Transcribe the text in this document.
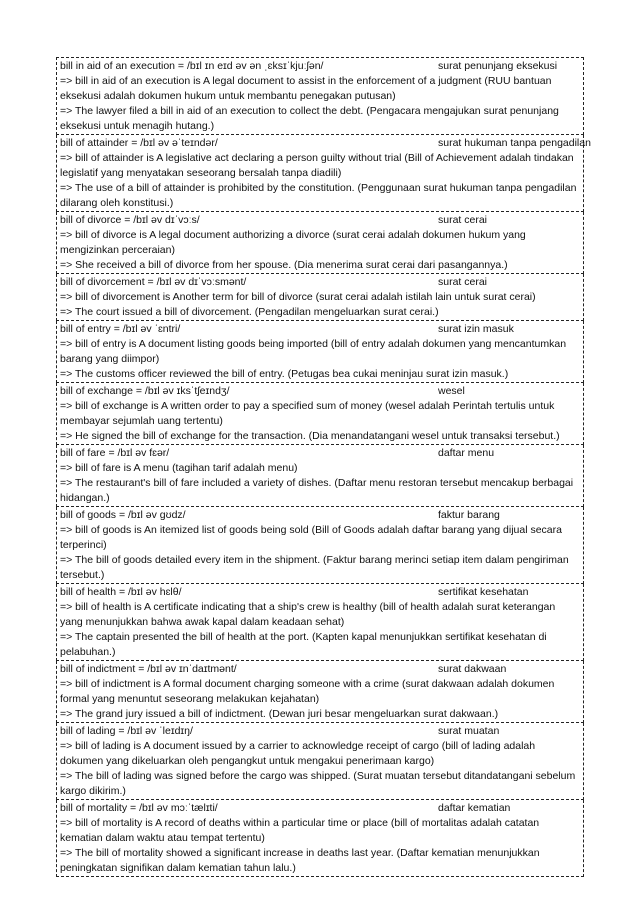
bill in aid of an execution = /bɪl ɪn eɪd əv ən ˌɛksɪˈkjuːʃən/	surat penunjang eksekusi
=> bill in aid of an execution is A legal document to assist in the enforcement of a judgment (RUU bantuan eksekusi adalah dokumen hukum untuk membantu penegakan putusan)
=> The lawyer filed a bill in aid of an execution to collect the debt. (Pengacara mengajukan surat penunjang eksekusi untuk menagih hutang.)
bill of attainder = /bɪl əv əˈteɪndər/	surat hukuman tanpa pengadilan
=> bill of attainder is A legislative act declaring a person guilty without trial (Bill of Achievement adalah tindakan legislatif yang menyatakan seseorang bersalah tanpa diadili)
=> The use of a bill of attainder is prohibited by the constitution. (Penggunaan surat hukuman tanpa pengadilan dilarang oleh konstitusi.)
bill of divorce = /bɪl əv dɪˈvɔːs/	surat cerai
=> bill of divorce is A legal document authorizing a divorce (surat cerai adalah dokumen hukum yang mengizinkan perceraian)
=> She received a bill of divorce from her spouse. (Dia menerima surat cerai dari pasangannya.)
bill of divorcement = /bɪl əv dɪˈvɔːsmənt/	surat cerai
=> bill of divorcement is Another term for bill of divorce (surat cerai adalah istilah lain untuk surat cerai)
=> The court issued a bill of divorcement. (Pengadilan mengeluarkan surat cerai.)
bill of entry = /bɪl əv ˈɛntri/	surat izin masuk
=> bill of entry is A document listing goods being imported (bill of entry adalah dokumen yang mencantumkan barang yang diimpor)
=> The customs officer reviewed the bill of entry. (Petugas bea cukai meninjau surat izin masuk.)
bill of exchange = /bɪl əv ɪksˈtʃeɪndʒ/	wesel
=> bill of exchange is A written order to pay a specified sum of money (wesel adalah Perintah tertulis untuk membayar sejumlah uang tertentu)
=> He signed the bill of exchange for the transaction. (Dia menandatangani wesel untuk transaksi tersebut.)
bill of fare = /bɪl əv fɛər/	daftar menu
=> bill of fare is A menu (tagihan tarif adalah menu)
=> The restaurant's bill of fare included a variety of dishes. (Daftar menu restoran tersebut mencakup berbagai hidangan.)
bill of goods = /bɪl əv gʊdz/	faktur barang
=> bill of goods is An itemized list of goods being sold (Bill of Goods adalah daftar barang yang dijual secara terperinci)
=> The bill of goods detailed every item in the shipment. (Faktur barang merinci setiap item dalam pengiriman tersebut.)
bill of health = /bɪl əv hɛlθ/	sertifikat kesehatan
=> bill of health is A certificate indicating that a ship's crew is healthy (bill of health adalah surat keterangan yang menunjukkan bahwa awak kapal dalam keadaan sehat)
=> The captain presented the bill of health at the port. (Kapten kapal menunjukkan sertifikat kesehatan di pelabuhan.)
bill of indictment = /bɪl əv ɪnˈdaɪtmənt/	surat dakwaan
=> bill of indictment is A formal document charging someone with a crime (surat dakwaan adalah dokumen formal yang menuntut seseorang melakukan kejahatan)
=> The grand jury issued a bill of indictment. (Dewan juri besar mengeluarkan surat dakwaan.)
bill of lading = /bɪl əv ˈleɪdɪŋ/	surat muatan
=> bill of lading is A document issued by a carrier to acknowledge receipt of cargo (bill of lading adalah dokumen yang dikeluarkan oleh pengangkut untuk mengakui penerimaan kargo)
=> The bill of lading was signed before the cargo was shipped. (Surat muatan tersebut ditandatangani sebelum kargo dikirim.)
bill of mortality = /bɪl əv mɔːˈtælɪti/	daftar kematian
=> bill of mortality is A record of deaths within a particular time or place (bill of mortalitas adalah catatan kematian dalam waktu atau tempat tertentu)
=> The bill of mortality showed a significant increase in deaths last year. (Daftar kematian menunjukkan peningkatan signifikan dalam kematian tahun lalu.)
